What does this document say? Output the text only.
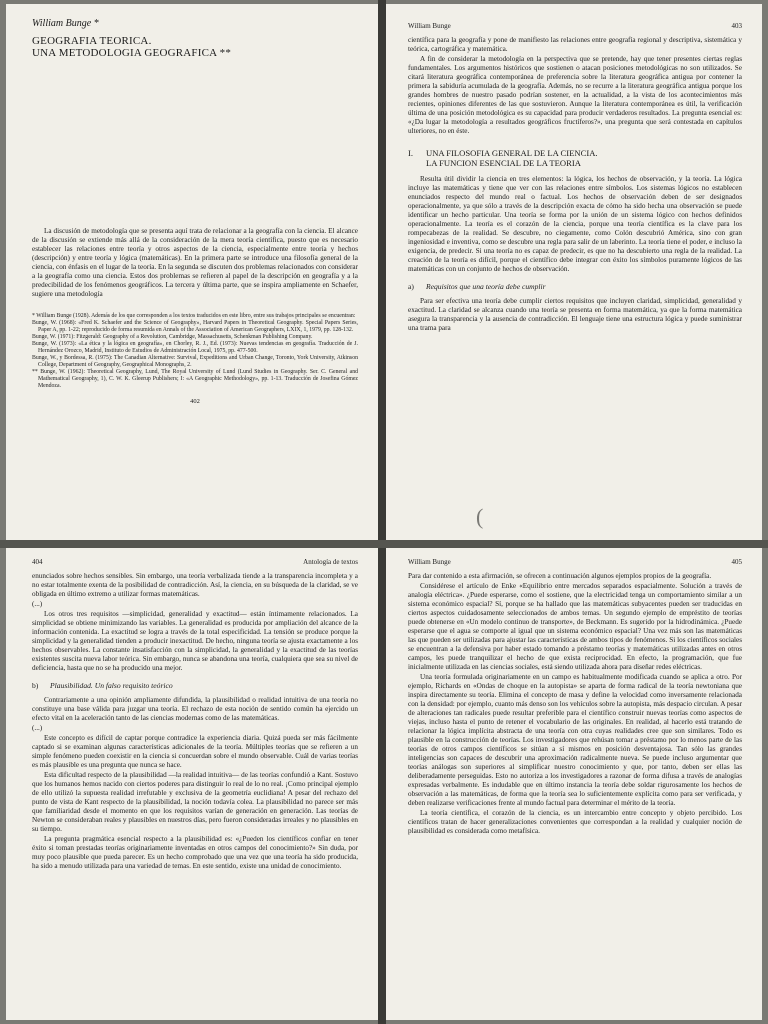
William Bunge *
GEOGRAFIA TEORICA.
UNA METODOLOGIA GEOGRAFICA **

La discusión de metodología que se presenta aquí trata de relacionar a la geografía con la ciencia. El alcance de la discusión se extiende más allá de la consideración de la mera teoría científica, puesto que es necesario establecer las relaciones entre teoría y otros aspectos de la ciencia, especialmente entre teoría y hechos (descripción) y entre teoría y lógica (matemáticas). En la primera parte se introduce una filosofía general de la ciencia, con énfasis en el lugar de la teoría. En la segunda se discuten dos problemas relacionados con considerar a la geografía como una ciencia. Estos dos problemas se refieren al papel de la descripción en geografía y a la predecibilidad de los fenómenos geográficos. La tercera y última parte, que se inspira ampliamente en Schaefer, sugiere una metodología

* William Bunge (1928). Además de los que corresponden a los textos traducidos en este libro, entre sus trabajos principales se encuentran:

Bunge, W. (1968): «Fred K. Schaefer and the Science of Geography», Harvard Papers in Theoretical Geography. Special Papers Series, Paper A, pp. 1-22; reproducido de forma resumida en Annals of the Association of American Geographers, LXIX, 1, 1979, pp. 128-132.

Bunge, W. (1971): Fitzgerald: Geography of a Revolution, Cambridge, Massachusetts, Schenkman Publishing Company.

Bunge, W. (1973): «La ética y la lógica en geografía», en Chorley, R. J., Ed. (1973): Nuevas tendencias en geografía. Traducción de J. Hernández Orozco, Madrid, Instituto de Estudios de Administración Local, 1975, pp. 477-500.

Bunge, W., y Bordessa, R. (1975): The Canadian Alternative: Survival, Expeditions and Urban Change, Toronto, York University, Atkinson College, Department of Geography, Geographical Monographs, 2.

** Bunge, W. (1962): Theoretical Geography, Lund, The Royal University of Lund (Lund Studies in Geography. Ser. C. General and Mathematical Geography, 1), C. W. K. Gleerup Publishers; I: «A Geographic Methodology», pp. 1-13. Traducción de Josefina Gómez Mendoza.

402
William Bunge	403

científica para la geografía y pone de manifiesto las relaciones entre geografía regional y descriptiva, sistemática y teórica, cartográfica y matemática.

A fin de considerar la metodología en la perspectiva que se pretende, hay que tener presentes ciertas reglas fundamentales. Los argumentos históricos que sostienen o atacan posiciones metodológicas no son utilizados. Se citará literatura geográfica contemporánea de preferencia sobre la literatura geográfica antigua por contener la primera la sabiduría acumulada de la geografía. Además, no se recurre a la literatura geográfica antigua porque los grandes hombres de nuestro pasado podrían sostener, en la actualidad, a la vista de los acontecimientos más recientes, opiniones diferentes de las que sostuvieron. Aunque la literatura contemporánea es útil, la verificación última de una posición metodológica es su capacidad para producir verdaderos resultados. La pregunta esencial es: «¿Da lugar la metodología a resultados geográficos fructíferos?», una pregunta que será contestada en capítulos ulteriores, no en éste.

I.	UNA FILOSOFIA GENERAL DE LA CIENCIA.
LA FUNCION ESENCIAL DE LA TEORIA

Resulta útil dividir la ciencia en tres elementos: la lógica, los hechos de observación, y la teoría. La lógica incluye las matemáticas y tiene que ver con las relaciones entre símbolos. Los sistemas lógicos no establecen enunciados respecto del mundo real o factual. Los hechos de observación deben de ser designados operacionalmente, ya que sólo a través de la descripción exacta de cómo ha sido hecha una observación se puede identificar un hecho particular. Una teoría se forma por la unión de un sistema lógico con hechos definidos operacionalmente. La teoría es el corazón de la ciencia, porque una teoría científica es la clave para los rompecabezas de la realidad. Se descubre, no ciegamente, como Colón descubrió América, sino con gran ingeniosidad e inventiva, como se descubre una regla para salir de un laberinto. La teoría tiene el poder, e incluso la exigencia, de predecir. Si una teoría no es capaz de predecir, es que no ha descubierto una regla de la realidad. La creación de la teoría es difícil, porque el científico debe integrar con éxito los símbolos puramente lógicos de las matemáticas con un conjunto de hechos de observación.

a) Requisitos que una teoría debe cumplir

Para ser efectiva una teoría debe cumplir ciertos requisitos que incluyen claridad, simplicidad, generalidad y exactitud. La claridad se alcanza cuando una teoría se presenta en forma matemática, ya que la forma matemática asegura la transparencia y la ausencia de contradicción. El lenguaje tiene una estructura lógica y puede suministrar una trama para

(
404	Antología de textos

enunciados sobre hechos sensibles. Sin embargo, una teoría verbalizada tiende a la transparencia incompleta y a no estar totalmente exenta de la posibilidad de contradicción. Así, la ciencia, en su búsqueda de la claridad, se ve obligada en último extremo a utilizar formas matemáticas.

(...)

Los otros tres requisitos —simplicidad, generalidad y exactitud— están íntimamente relacionados. La simplicidad se obtiene minimizando las variables. La generalidad es producida por ampliación del alcance de la información contenida. La exactitud se logra a través de la total especificidad. La tensión se produce porque la simplicidad y la generalidad tienden a producir inexactitud. De hecho, ninguna teoría se ajusta exactamente a los hechos observables. La constante insatisfacción con la simplicidad, la generalidad y la exactitud de las teorías existentes suscita nueva labor teórica. Sin embargo, nunca se abandona una teoría, cualquiera que sea su nivel de deficiencia, hasta que no se ha producido una mejor.

b) Plausibilidad. Un falso requisito teórico

Contrariamente a una opinión ampliamente difundida, la plausibilidad o realidad intuitiva de una teoría no constituye una base válida para juzgar una teoría. El rechazo de esta noción de sentido común ha ejercido un efecto vital en la aceleración tanto de las ciencias modernas como de las matemáticas.

(...)

Este concepto es difícil de captar porque contradice la experiencia diaria. Quizá pueda ser más fácilmente captado si se examinan algunas características adicionales de la teoría. Múltiples teorías que se refieren a un simple fenómeno pueden coexistir en la ciencia si concuerdan sobre el mundo observable. Cuál de varias teorías es más plausible es una pregunta que nunca se hace.

Esta dificultad respecto de la plausibilidad —la realidad intuitiva— de las teorías confundió a Kant. Sostuvo que los humanos hemos nacido con ciertos poderes para distinguir lo real de lo no real. ¡Como principal ejemplo de ello utilizó la supuesta realidad irrefutable y exclusiva de la geometría euclidiana! A pesar del rechazo del punto de vista de Kant respecto de la plausibilidad, la noción todavía colea. La plausibilidad no parece ser más que familiaridad desde el momento en que los requisitos varían de generación en generación. Las teorías de Newton se consideraban reales y plausibles en nuestros días, pero fueron consideradas irreales y no plausibles en su tiempo.

La pregunta pragmática esencial respecto a la plausibilidad es: «¿Pueden los científicos confiar en tener éxito si toman prestadas teorías originariamente inventadas en otros campos del conocimiento?» Sin duda, por muy poco plausible que pueda parecer. Es un hecho comprobado que una vez que una teoría ha sido producida, ha sido a menudo utilizada para una variedad de temas. En este sentido, existe una unidad de conocimiento.

William Bunge	405

Para dar contenido a esta afirmación, se ofrecen a continuación algunos ejemplos propios de la geografía.

Considérese el artículo de Enke «Equilibrio entre mercados separados espacialmente. Solución a través de analogía eléctrica». ¿Puede esperarse, como el sostiene, que la electricidad tenga un comportamiento similar a un sistema económico espacial? Sí, porque se ha hallado que las matemáticas subyacentes pueden ser traducidas en ciertos aspectos cuidadosamente seleccionados de ambos temas. Un segundo ejemplo de empréstito de teorías puede obtenerse en «Un modelo continuo de transporte», de Beckmann. Es sugerido por la hidrodinámica. ¿Puede esperarse que el agua se comporte al igual que un sistema económico espacial? Una vez más son las matemáticas las que pueden ser utilizadas para ajustar las características de ambos tipos de fenómenos. Si los científicos sociales se encuentran a la defensiva por haber estado tomando a préstamo teorías y matemáticas utilizadas antes en otros campos, les puede tranquilizar el hecho de que exista reciprocidad. En efecto, la programación, que fue inicialmente utilizada en las ciencias sociales, está siendo utilizada ahora para diseñar redes eléctricas.

Una teoría formulada originariamente en un campo es habitualmente modificada cuando se aplica a otro. Por ejemplo, Richards en «Ondas de choque en la autopista» se aparta de forma radical de la teoría newtoniana que inspira directamente su teoría. Elimina el concepto de masa y define la velocidad como inversamente relacionada con la densidad: por ejemplo, cuanto más denso son los vehículos sobre la autopista, más despacio circulan. A pesar de alteraciones tan radicales puede resultar preferible para el científico construir nuevas teorías como aspectos de viejas, incluso hasta el punto de retener el vocabulario de las originales. En realidad, al hacerlo está tratando de relacionar la lógica implícita abstracta de una teoría con otra cuyas realidades cree que son similares. Todo es plausible en la construcción de teorías. Los investigadores que rehúsan tomar a préstamo por lo menos parte de las teorías de otros campos científicos se sitúan a sí mismos en posición desventajosa. Tan sólo las grandes inteligencias son capaces de descubrir una aproximación radicalmente nueva. Se puede incluso argumentar que teorías análogas son superiores al simplificar nuestro conocimiento y que, por tanto, deben ser ellas las deliberadamente perseguidas. Esto no autoriza a los investigadores a razonar de forma difusa a través de analogías expresadas verbalmente. Es indudable que en último instancia la teoría debe soldar rigurosamente los hechos de observación a las matemáticas, de forma que la teoría sea lo suficientemente explícita como para ser verificada, y deben realizarse verificaciones frente al mundo factual para determinar el mérito de la teoría.

La teoría científica, el corazón de la ciencia, es un intercambio entre concepto y objeto percibido. Los científicos tratan de hacer generalizaciones convenientes que correspondan a la realidad y cualquier noción de plausibilidad es considerada como metafísica.
